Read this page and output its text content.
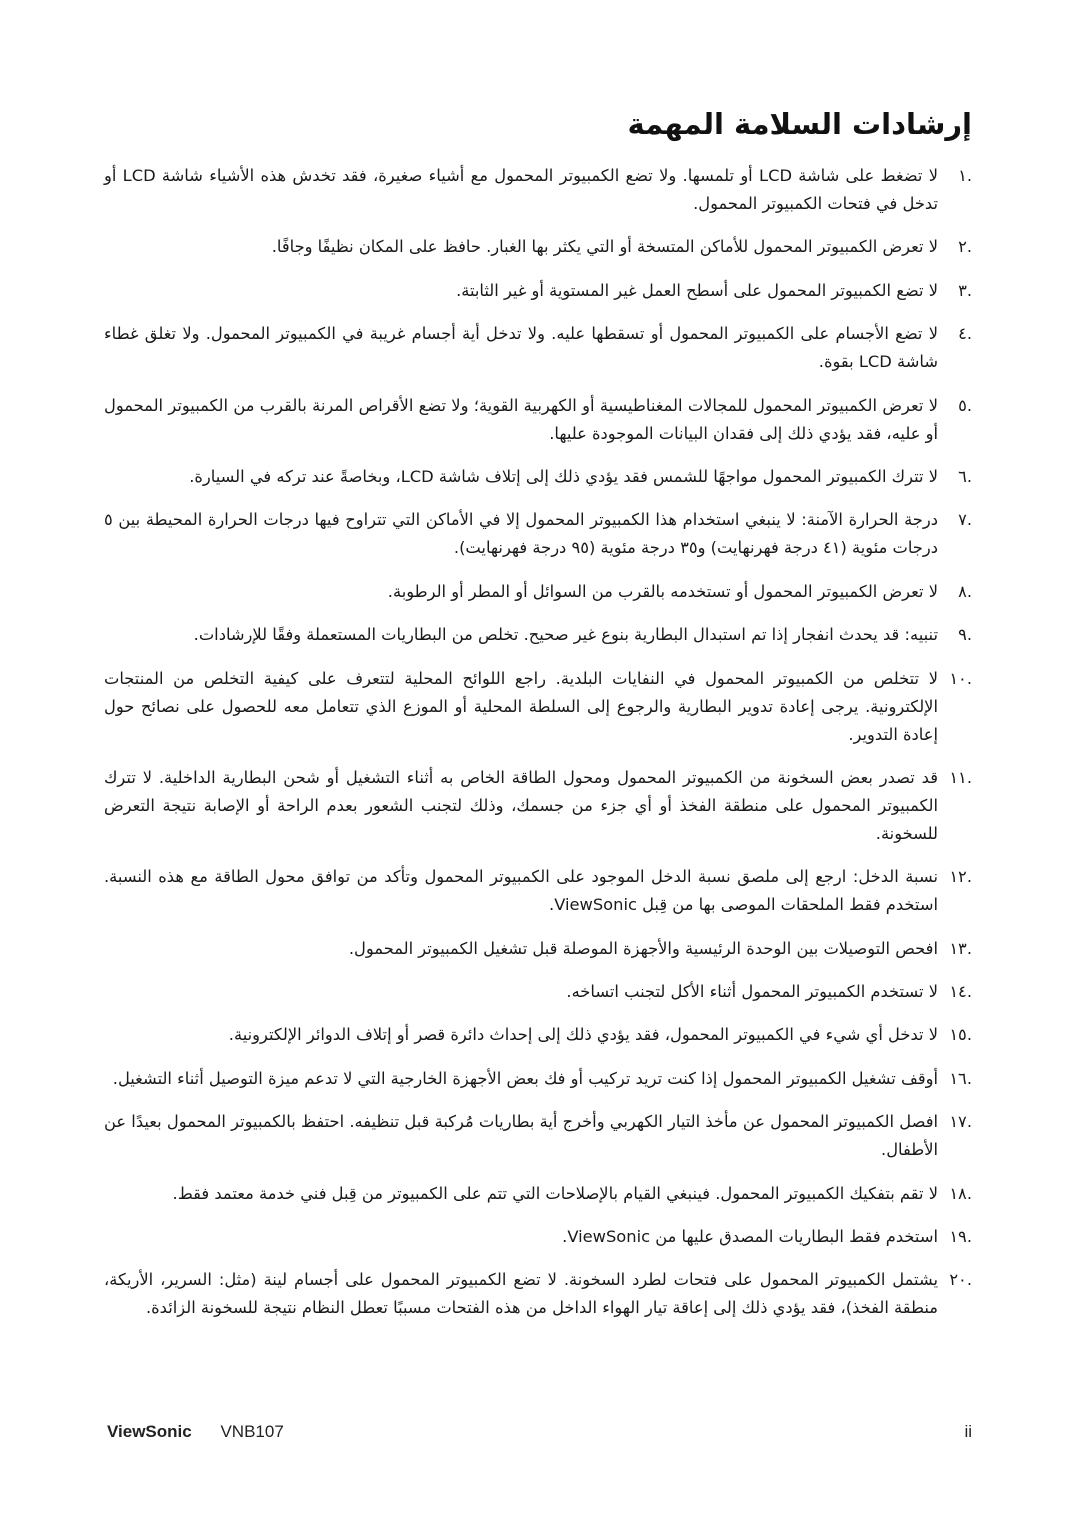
إرشادات السلامة المهمة
.١
لا تضغط على شاشة LCD أو تلمسها. ولا تضع الكمبيوتر المحمول مع أشياء صغيرة، فقد تخدش هذه الأشياء شاشة LCD أو تدخل في فتحات الكمبيوتر المحمول.
.٢
لا تعرض الكمبيوتر المحمول للأماكن المتسخة أو التي يكثر بها الغبار. حافظ على المكان نظيفًا وجافًا.
.٣
لا تضع الكمبيوتر المحمول على أسطح العمل غير المستوية أو غير الثابتة.
.٤
لا تضع الأجسام على الكمبيوتر المحمول أو تسقطها عليه. ولا تدخل أية أجسام غريبة في الكمبيوتر المحمول. ولا تغلق غطاء شاشة LCD بقوة.
.٥
لا تعرض الكمبيوتر المحمول للمجالات المغناطيسية أو الكهربية القوية؛ ولا تضع الأقراص المرنة بالقرب من الكمبيوتر المحمول أو عليه، فقد يؤدي ذلك إلى فقدان البيانات الموجودة عليها.
.٦
لا تترك الكمبيوتر المحمول مواجهًا للشمس فقد يؤدي ذلك إلى إتلاف شاشة LCD، وبخاصةً عند تركه في السيارة.
.٧
درجة الحرارة الآمنة: لا ينبغي استخدام هذا الكمبيوتر المحمول إلا في الأماكن التي تتراوح فيها درجات الحرارة المحيطة بين ٥ درجات مئوية (٤١ درجة فهرنهايت) و٣٥ درجة مئوية (٩٥ درجة فهرنهايت).
.٨
لا تعرض الكمبيوتر المحمول أو تستخدمه بالقرب من السوائل أو المطر أو الرطوبة.
.٩
تنبيه: قد يحدث انفجار إذا تم استبدال البطارية بنوع غير صحيح. تخلص من البطاريات المستعملة وفقًا للإرشادات.
.١٠
لا تتخلص من الكمبيوتر المحمول في النفايات البلدية. راجع اللوائح المحلية لتتعرف على كيفية التخلص من المنتجات الإلكترونية. يرجى إعادة تدوير البطارية والرجوع إلى السلطة المحلية أو الموزع الذي تتعامل معه للحصول على نصائح حول إعادة التدوير.
.١١
قد تصدر بعض السخونة من الكمبيوتر المحمول ومحول الطاقة الخاص به أثناء التشغيل أو شحن البطارية الداخلية. لا تترك الكمبيوتر المحمول على منطقة الفخذ أو أي جزء من جسمك، وذلك لتجنب الشعور بعدم الراحة أو الإصابة نتيجة التعرض للسخونة.
.١٢
نسبة الدخل: ارجع إلى ملصق نسبة الدخل الموجود على الكمبيوتر المحمول وتأكد من توافق محول الطاقة مع هذه النسبة. استخدم فقط الملحقات الموصى بها من قِبل ViewSonic.
.١٣
افحص التوصيلات بين الوحدة الرئيسية والأجهزة الموصلة قبل تشغيل الكمبيوتر المحمول.
.١٤
لا تستخدم الكمبيوتر المحمول أثناء الأكل لتجنب اتساخه.
.١٥
لا تدخل أي شيء في الكمبيوتر المحمول، فقد يؤدي ذلك إلى إحداث دائرة قصر أو إتلاف الدوائر الإلكترونية.
.١٦
أوقف تشغيل الكمبيوتر المحمول إذا كنت تريد تركيب أو فك بعض الأجهزة الخارجية التي لا تدعم ميزة التوصيل أثناء التشغيل.
.١٧
افصل الكمبيوتر المحمول عن مأخذ التيار الكهربي وأخرج أية بطاريات مُركبة قبل تنظيفه. احتفظ بالكمبيوتر المحمول بعيدًا عن الأطفال.
.١٨
لا تقم بتفكيك الكمبيوتر المحمول. فينبغي القيام بالإصلاحات التي تتم على الكمبيوتر من قِبل فني خدمة معتمد فقط.
.١٩
استخدم فقط البطاريات المصدق عليها من ViewSonic.
.٢٠
يشتمل الكمبيوتر المحمول على فتحات لطرد السخونة. لا تضع الكمبيوتر المحمول على أجسام لينة (مثل: السرير، الأريكة، منطقة الفخذ)، فقد يؤدي ذلك إلى إعاقة تيار الهواء الداخل من هذه الفتحات مسببًا تعطل النظام نتيجة للسخونة الزائدة.
ViewSonic VNB107	ii
